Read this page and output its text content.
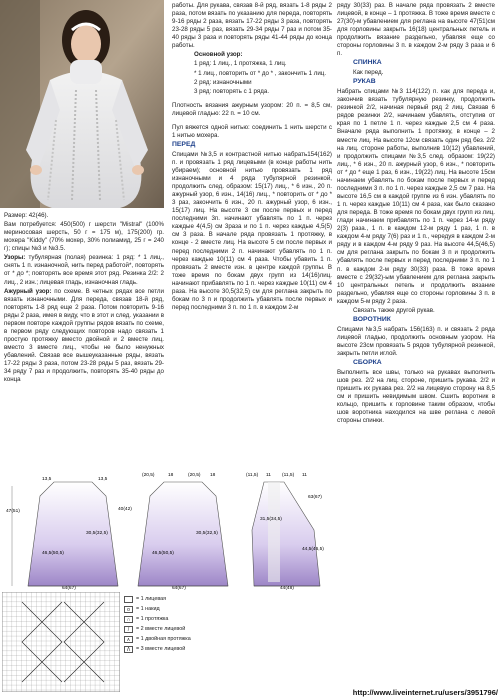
Размер: 42(46).

Вам потребуется: 450(500) г шерсти "Mistral" (100% мериносовая шерсть, 50 г = 175 м), 175(200) гр. мохера "Kiddy" (70% мохер, 30% полиамид, 25 г = 240 г); спицы №3 и №3.5.

Узоры: тубулярная (полая) резинка: 1 ряд: * 1 лиц., снять 1 п. изнаночной, нить перед работой*, повторять от * до *; повторять все время этот ряд. Резинка 2/2: 2 лиц., 2 изн.; лицевая гладь, изнаночная гладь.

Ажурный узор: по схеме. В четных рядах все петли вязать изнаночными. Для переда, связав 18-й ряд, повторять 1-8 ряд еще 2 раза. Потом повторить 9-16 ряды 2 раза, имея в виду, что в этот и след. указании в первом повторе каждой группы рядов вязать по схеме, в первом ряду следующих повторов надо связать 1 простую протяжку вместо двойной и 2 вместе лиц. вместо 3 вместе лиц., чтобы не было ненужных убавлений. Связав все вышеуказанные ряды, вязать 17-22 ряды 3 раза, потом 23-28 ряды 5 раз, вязать 29-34 ряду 7 раз и продолжить, повторять 35-40 ряды до конца

работы. Для рукава, связав 8-й ряд, вязать 1-8 ряды 2 раза, потом вязать по указанию для переда, повторять 9-16 ряды 2 раза, вязать 17-22 ряды 3 раза, повторять 23-28 ряды 5 раз, вязать 29-34 ряды 7 раз и потом 35-40 ряды 3 раза и повторять ряды 41-44 ряды до конца работы.

Основной узор:

1 ряд: 1 лиц., 1 протяжка, 1 лиц.

* 1 лиц., повторить от * до * , закончить 1 лиц.

2 ряд: изнаночными

3 ряд: повторять с 1 ряда.

Плотность вязания ажурным узором: 20 п. = 8,5 см, лицевой гладью: 22 п. = 10 см.

Пул вяжется одной нитью: соединить 1 нить шерсти с 1 нитью мохера.

ПЕРЕД

Спицами №3,5 и контрастной нитью набрать154(162) п. и провязать 1 ряд лицевыми (в конце работы нить убираем); основной нитью провязать 1 ряд изнаночными и 4 ряда тубулярной резинкой, продолжить след. образом: 15(17) лиц., * 6 изн., 20 п. ажурный узор, 6 изн., 14(16) лиц., * повторить от * до * 3 раз, закончить 6 изн., 20 п. ажурный узор, 6 изн., 15(17) лиц. На высоте 3 см после первых и перед последними 3п. начинают убавлять по 1 п. через каждые 4(4,5) см 3раза и по 1 п. через каждые 4,5(5) см 3 раза. В начале ряда провязать 1 протяжку, в конце - 2 вместе лиц. На высоте 5 см после первых и перед последними 2 п. начинают убавлять по 1 п. через каждые 10(11) см 4 раза. Чтобы убавить 1 п. провязать 2 вместе изн. в центре каждой группы. В тоже время по бокам двух групп из 14(16)лиц. начинают прибавлять по 1 п. через каждые 10(11) см 4 раза. На высоте 30,5(32,5) см для реглана закрыть по бокам по 3 п и продолжить убавлять после первых и перед последними 3 п. по 1 п. в каждом 2-м

ряду 30(33) раз. В начале ряда провязать 2 вместе лицевой, в конце – 1 протяжка. В тоже время вместе с 27(30)-м убавлением для реглана на высоте 47(51)см для горловины закрыть 16(18) центральных петель и продолжить вязание раздельно, убавляя еще со стороны горловины 3 п. в каждом 2-м ряду 3 раза и 6 п.

СПИНКА

Как перед.

РУКАВ

Набрать спицами №3 114(122) п. как для переда и, закончив вязать тубулярную резинку, продолжить резинкой 2/2, начиная первый ряд 2 лиц. Связав 6 рядов резинки 2/2, начинаем убавлять, отступив от края по 1 петле 1 п. через каждые 2,5 см 4 раза. Вначале ряда выполнить 1 протяжку, в конце – 2 вместе лиц. На высоте 12см связать один ряд без. 2/2 на лиц. стороне работы, выполнив 10(12) убавлений, и продолжить спицами №3,5 след. образом: 19(22) лиц., * 6 изн., 20 п. ажурный узор, 6 изн., * повторить от * до * еще 1 раз, 6 изн., 19(22) лиц. На высоте 15см начинаем убавлять по бокам после первых и перед последними 3 п. по 1 п. через каждые 2,5 см 7 раз. На высоте 16,5 см в каждой группе из 6 изн. убавлять по 1 п. через каждые 10(11) см 4 раза, как было сказано для переда. В тоже время по бокам двух групп из лиц. глади начинаем прибавлять по 1 п. через 14-м ряду 2(3) раза., 1 п. в каждом 12-м ряду 1 раз, 1 п. в каждом 4-м ряду 7(6) раз и 1 п., чередуя в каждом 2-м ряду и в каждом 4-м ряду 9 раз. На высоте 44,5(46,5) см для реглана закрыть по бокам 3 п и продолжить убавлять после первых и перед последними 3 п. по 1 п. в каждом 2-м ряду 30(33) раза. В тоже время вместе с 29(32)-ым убавлением для реглана закрыть 10 центральных петель и продолжить вязание раздельно, убавляя еще со стороны горловины 3 п. в каждом 5-м ряду 2 раза.

Связать также другой рукав.

ВОРОТНИК

Спицами №3,5 набрать 156(163) п. и связать 2 ряда лицевой гладью, продолжить основным узором. На высоте 23см провязать 5 рядов тубулярной резинкой, закрыть петли иглой.

СБОРКА

Выполнить все швы, только на рукавах выполнить шов рез. 2/2 на лиц. стороне, пришить рукава. 2/2 и пришить их рукава рез. 2/2 на лицевую сторону на 8,5 см и пришить невидимым швом. Сшить воротник в кольцо, пришить к горловине таким образом, чтобы шов воротника находился на шве реглана с левой стороны спинки.

47(51)
30,5(32,5)
46,5(50,5)
64(67)
13,5	13,5
40(42)
(20,5)	18	(20,5) 18
30,5(32,5)
46,5(50,5)
64(67)
(11,5) 11 (11,5) 11
63(67)
31,5(34,5)
44,5(46,5)
44(48)
= 1 лицевая
o	= 1 накид
∩	= 1 протяжка
/	= 2 вместе лицевой
∧	= 1 двойная протяжка
Λ	= 3 вместе лицевой
http://www.liveinternet.ru/users/3951796/
